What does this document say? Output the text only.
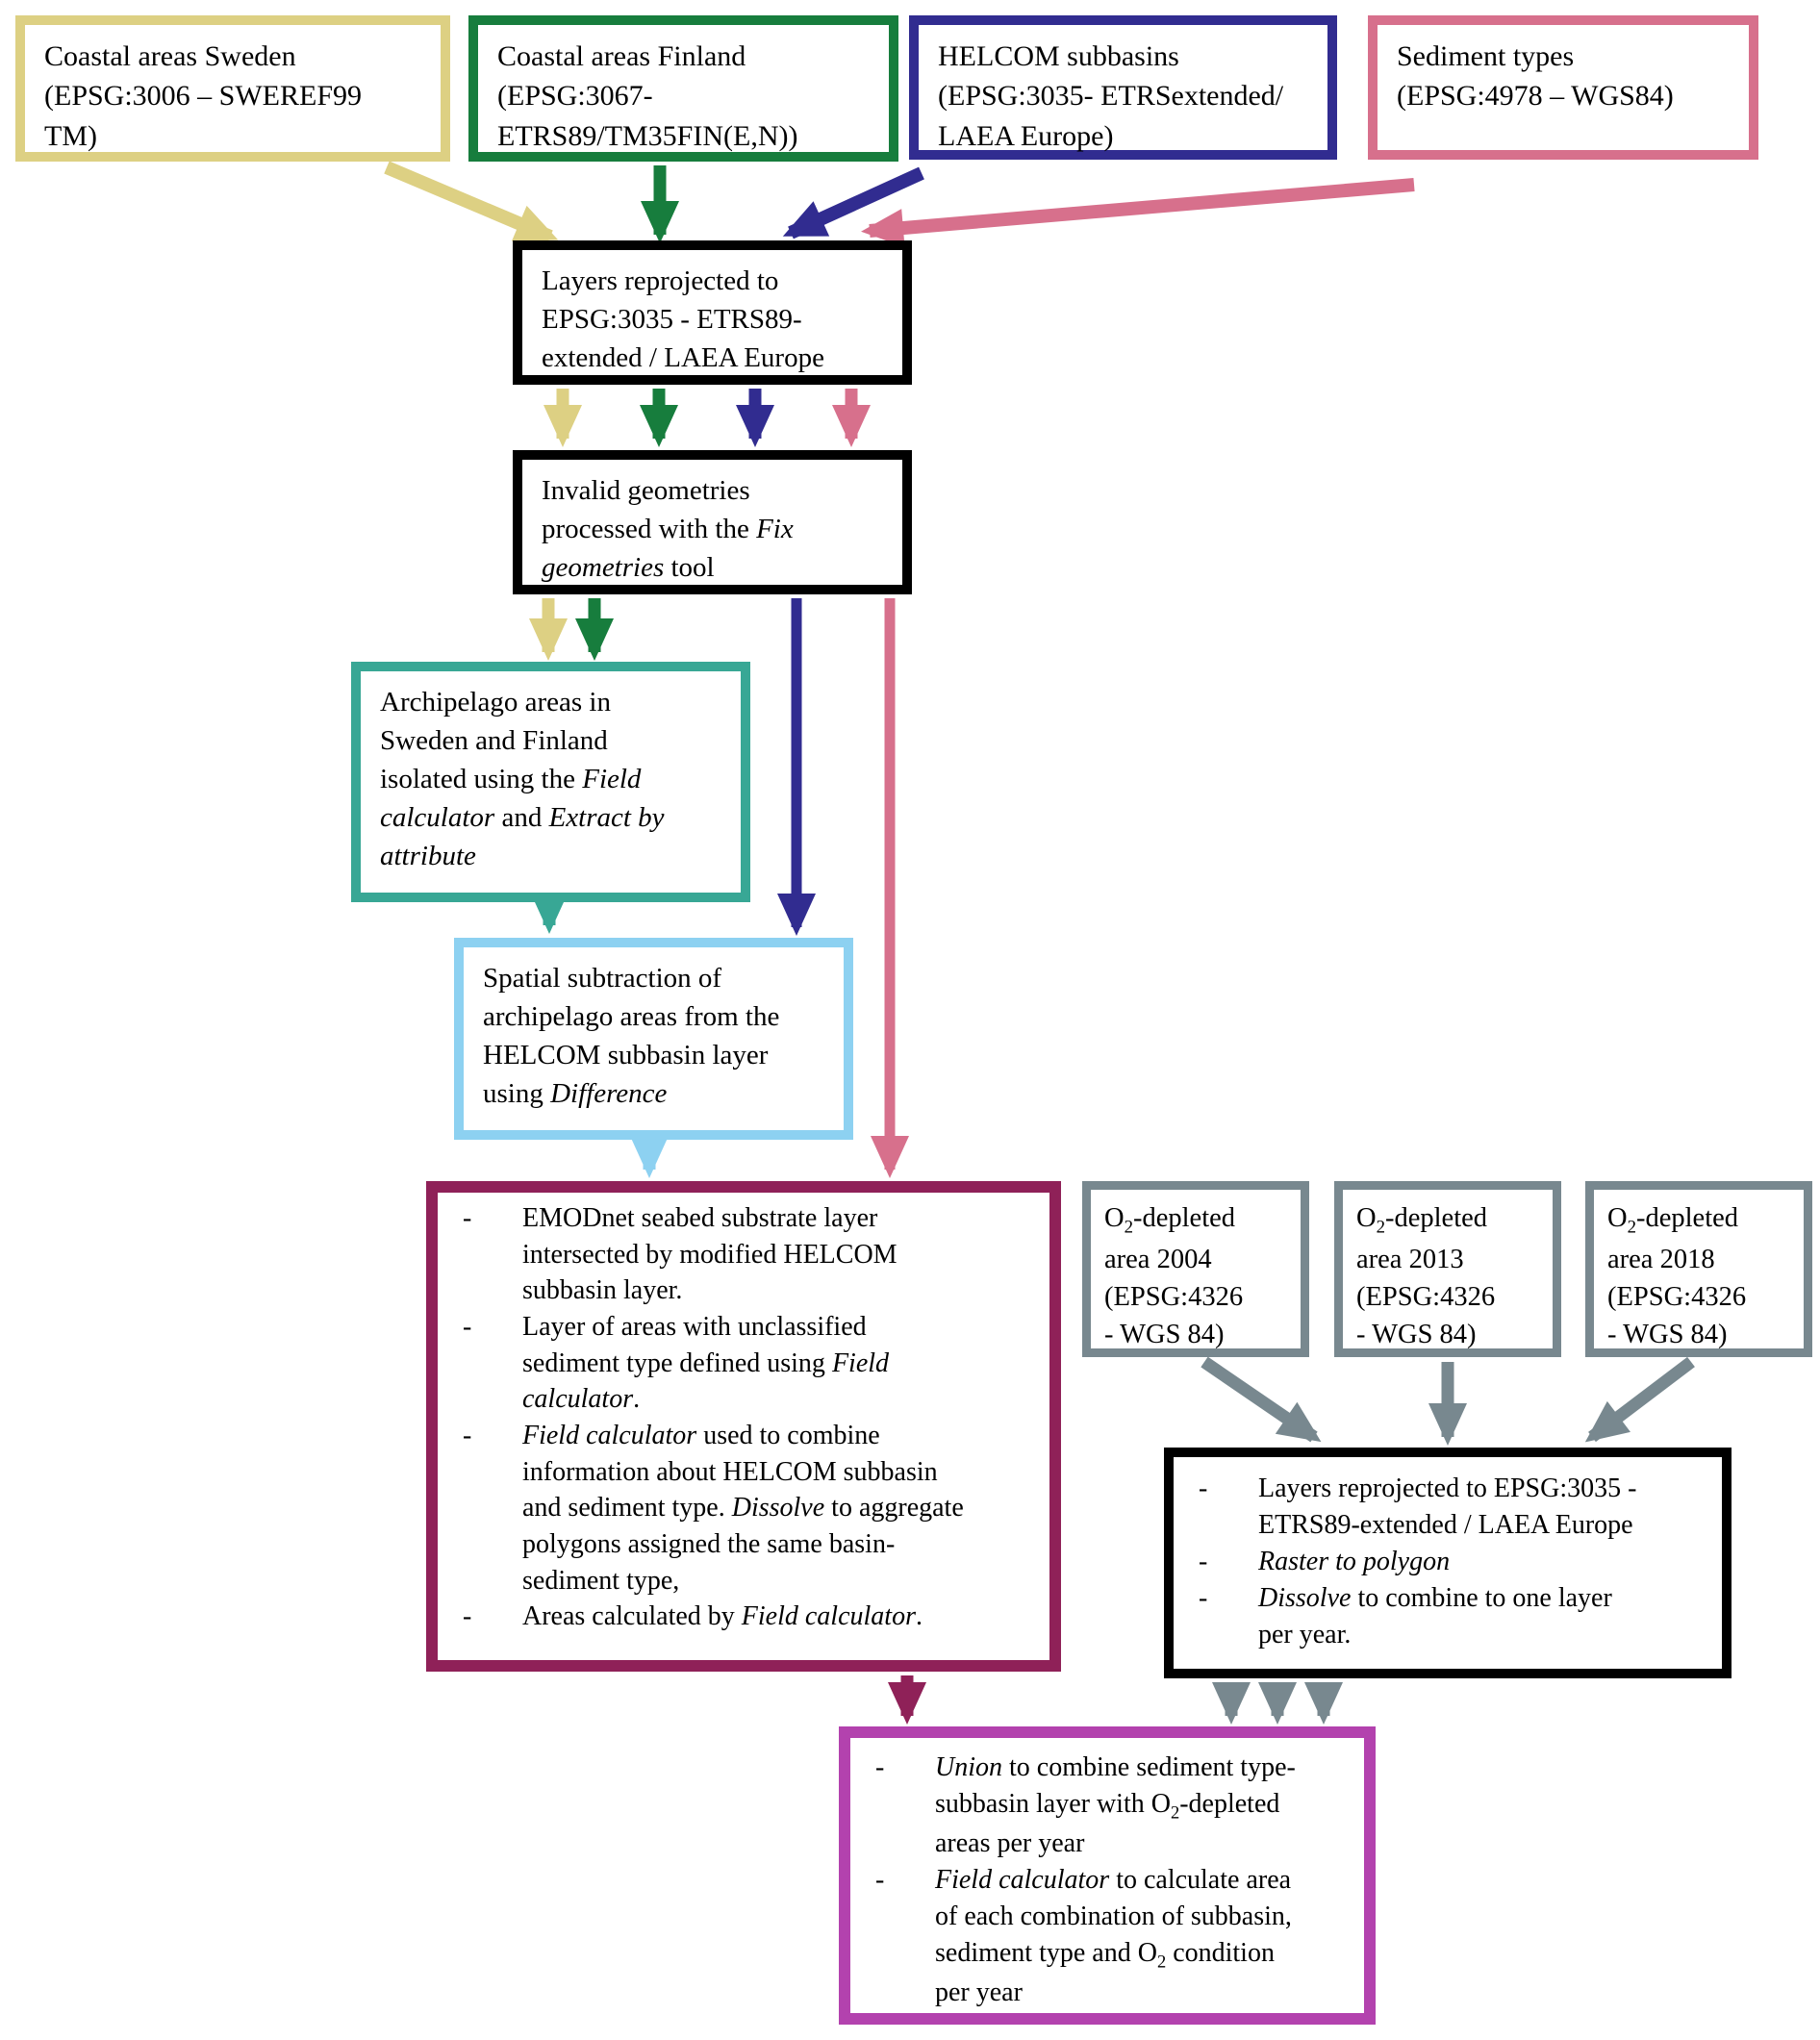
Coastal areas Sweden
(EPSG:3006 – SWEREF99
TM)
Coastal areas Finland
(EPSG:3067-
ETRS89/TM35FIN(E,N))
HELCOM subbasins
(EPSG:3035- ETRSextended/
LAEA Europe)
Sediment types
(EPSG:4978 – WGS84)
Layers reprojected to
EPSG:3035 - ETRS89-
extended / LAEA Europe
Invalid geometries
processed with the Fix
geometries tool
Archipelago areas in
Sweden and Finland
isolated using the Field
calculator and Extract by
attribute
Spatial subtraction of
archipelago areas from the
HELCOM subbasin layer
using Difference
-	EMODnet seabed substrate layer
intersected by modified HELCOM
subbasin layer.
-	Layer of areas with unclassified
sediment type defined using Field
calculator.
-	Field calculator used to combine
information about HELCOM subbasin
and sediment type. Dissolve to aggregate
polygons assigned the same basin-
sediment type,
-	Areas calculated by Field calculator.
$O_2$-depleted
area 2004
(EPSG:4326
- WGS 84)
$O_2$-depleted
area 2013
(EPSG:4326
- WGS 84)
$O_2$-depleted
area 2018
(EPSG:4326
- WGS 84)
-	Layers reprojected to EPSG:3035 -
ETRS89-extended / LAEA Europe
-	Raster to polygon
-	Dissolve to combine to one layer
per year.
-	Union to combine sediment type-
subbasin layer with $O_2$-depleted
areas per year
-	Field calculator to calculate area
of each combination of subbasin,
sediment type and $O_2$ condition
per year
